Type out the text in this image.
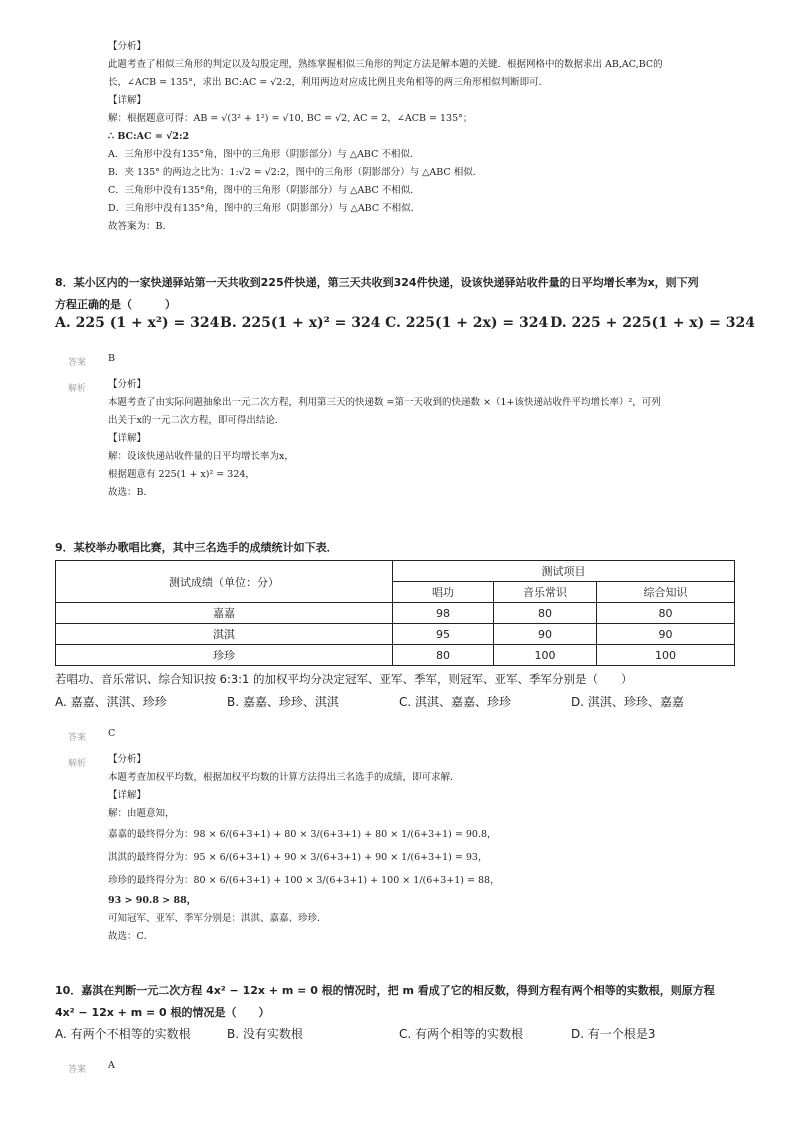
【分析】
此题考查了相似三角形的判定以及勾股定理，熟练掌握相似三角形的判定方法是解本题的关键．根据网格中的数据求出 AB,AC,BC的
长，∠ACB = 135°，求出 BC:AC = √2:2，利用两边对应成比例且夹角相等的两三角形相似判断即可．
【详解】
解：根据题意可得：AB = √(3² + 1²) = √10, BC = √2, AC = 2，∠ACB = 135°；
∴ BC:AC = √2:2
A．三角形中没有135°角，图中的三角形（阴影部分）与 △ABC 不相似．
B．夹 135° 的两边之比为：1:√2 = √2:2，图中的三角形（阴影部分）与 △ABC 相似．
C．三角形中没有135°角，图中的三角形（阴影部分）与 △ABC 不相似．
D．三角形中没有135°角，图中的三角形（阴影部分）与 △ABC 不相似．
故答案为：B．
8．某小区内的一家快递驿站第一天共收到225件快递，第三天共收到324件快递，设该快递驿站收件量的日平均增长率为x，则下列
方程正确的是（　　　）
A. 225 (1 + x²) = 324 B. 225(1 + x)² = 324 C. 225(1 + 2x) = 324 D. 225 + 225(1 + x) = 324
答案 B
解析 【分析】
本题考查了由实际问题抽象出一元二次方程，利用第三天的快递数 =第一天收到的快递数 ×（1+该快递站收件平均增长率）²，可列
出关于x的一元二次方程，即可得出结论．
【详解】
解：设该快递站收件量的日平均增长率为x，
根据题意有 225(1 + x)² = 324，
故选：B．
9．某校举办歌唱比赛，其中三名选手的成绩统计如下表．
测试成绩（单位：分）	测试项目		
	唱功	音乐常识	综合知识
嘉嘉	98	80	80
淇淇	95	90	90
珍珍	80	100	100
若唱功、音乐常识、综合知识按 6:3:1 的加权平均分决定冠军、亚军、季军，则冠军、亚军、季军分别是（　　）
A. 嘉嘉、淇淇、珍珍	B. 嘉嘉、珍珍、淇淇	C. 淇淇、嘉嘉、珍珍	D. 淇淇、珍珍、嘉嘉
答案 C
解析 【分析】
本题考查加权平均数，根据加权平均数的计算方法得出三名选手的成绩，即可求解．
【详解】
解：由题意知，
嘉嘉的最终得分为：98 × 6/(6+3+1) + 80 × 3/(6+3+1) + 80 × 1/(6+3+1) = 90.8，
淇淇的最终得分为：95 × 6/(6+3+1) + 90 × 3/(6+3+1) + 90 × 1/(6+3+1) = 93，
珍珍的最终得分为：80 × 6/(6+3+1) + 100 × 3/(6+3+1) + 100 × 1/(6+3+1) = 88，
93 > 90.8 > 88，
可知冠军、亚军、季军分别是：淇淇、嘉嘉、珍珍．
故选：C．
10．嘉淇在判断一元二次方程 4x² − 12x + m = 0 根的情况时，把 m 看成了它的相反数，得到方程有两个相等的实数根，则原方程
4x² − 12x + m = 0 根的情况是（　　）
A. 有两个不相等的实数根	B. 没有实数根	C. 有两个相等的实数根	D. 有一个根是3
答案 A
